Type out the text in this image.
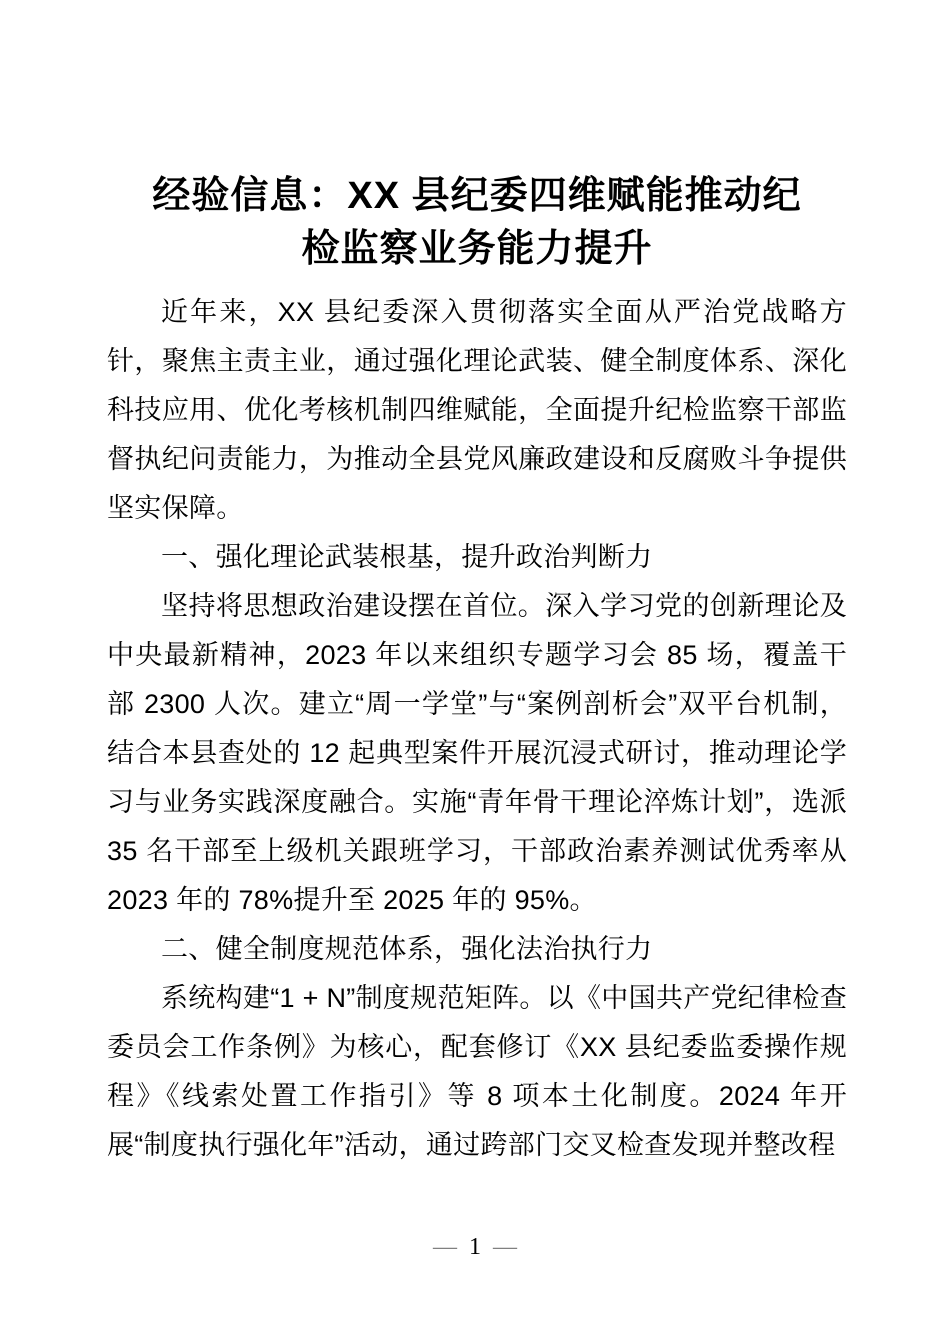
经验信息：XX 县纪委四维赋能推动纪
检监察业务能力提升

近年来，XX 县纪委深入贯彻落实全面从严治党战略方针，聚焦主责主业，通过强化理论武装、健全制度体系、深化科技应用、优化考核机制四维赋能，全面提升纪检监察干部监督执纪问责能力，为推动全县党风廉政建设和反腐败斗争提供坚实保障。

一、强化理论武装根基，提升政治判断力

坚持将思想政治建设摆在首位。深入学习党的创新理论及中央最新精神，2023 年以来组织专题学习会 85 场，覆盖干部 2300 人次。建立“周一学堂”与“案例剖析会”双平台机制，结合本县查处的 12 起典型案件开展沉浸式研讨，推动理论学习与业务实践深度融合。实施“青年骨干理论淬炼计划”，选派 35 名干部至上级机关跟班学习，干部政治素养测试优秀率从 2023 年的 78%提升至 2025 年的 95%。

二、健全制度规范体系，强化法治执行力

系统构建“1 + N”制度规范矩阵。以《中国共产党纪律检查委员会工作条例》为核心，配套修订《XX 县纪委监委操作规程》《线索处置工作指引》等 8 项本土化制度。2024 年开展“制度执行强化年”活动，通过跨部门交叉检查发现并整改程

— 1 —
